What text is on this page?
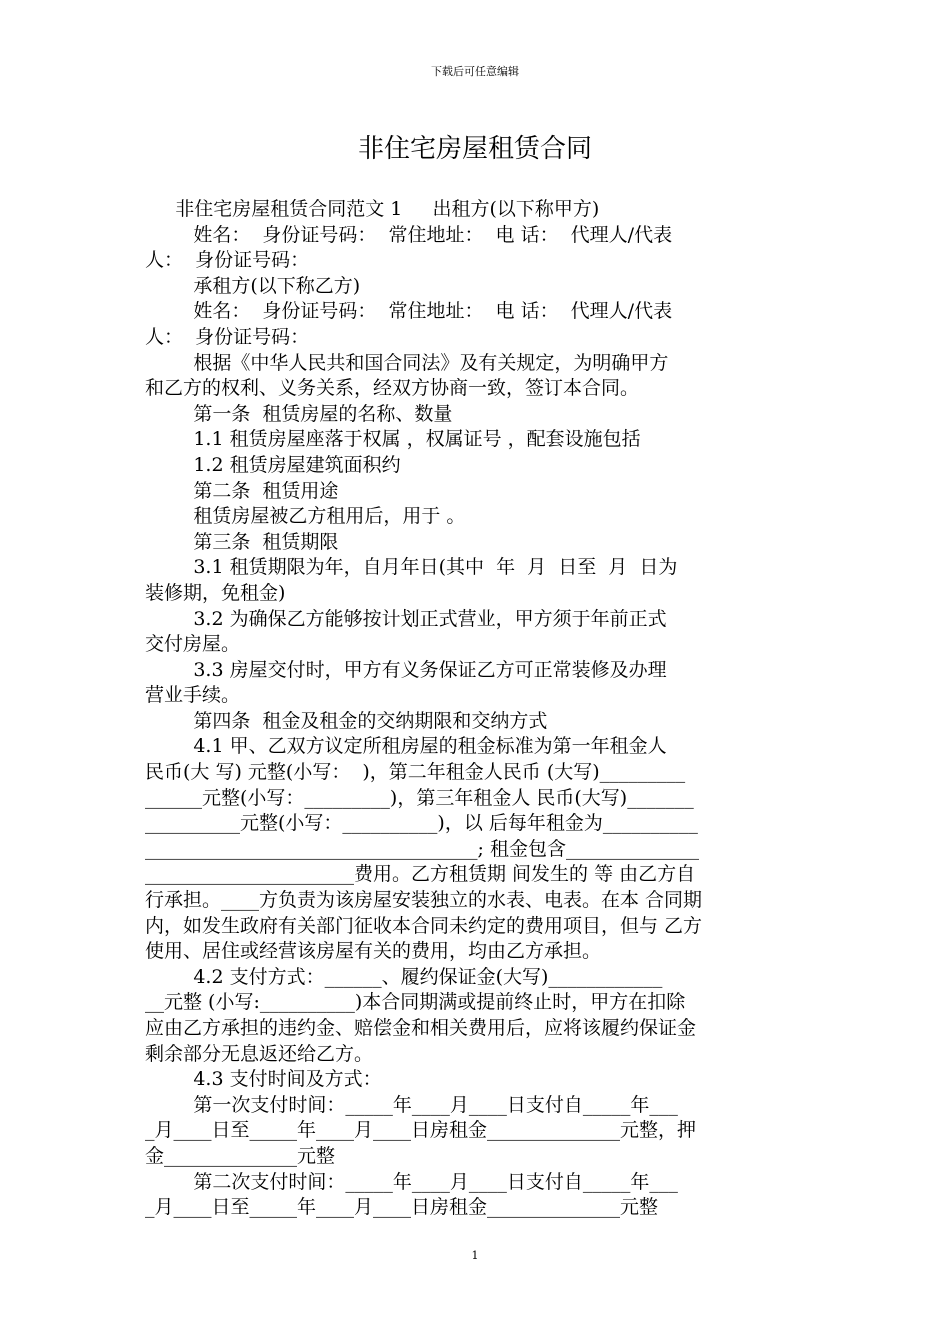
下载后可任意编辑
非住宅房屋租赁合同
非住宅房屋租赁合同范文 1     出租方(以下称甲方)
姓名：  身份证号码：  常住地址：  电 话：  代理人/代表
人：  身份证号码：
承租方(以下称乙方)
姓名：  身份证号码：  常住地址：  电 话：  代理人/代表
人：  身份证号码：
根据《中华人民共和国合同法》及有关规定，为明确甲方
和乙方的权利、义务关系，经双方协商一致，签订本合同。
第一条  租赁房屋的名称、数量
1.1 租赁房屋座落于权属 ，权属证号 ，配套设施包括
1.2 租赁房屋建筑面积约
第二条  租赁用途
租赁房屋被乙方租用后，用于 。
第三条  租赁期限
3.1 租赁期限为年，自月年日(其中  年  月  日至  月  日为
装修期，免租金)
3.2 为确保乙方能够按计划正式营业，甲方须于年前正式
交付房屋。
3.3 房屋交付时，甲方有义务保证乙方可正常装修及办理
营业手续。
第四条  租金及租金的交纳期限和交纳方式
4.1 甲、乙双方议定所租房屋的租金标准为第一年租金人
民币(大 写) 元整(小写：  )，第二年租金人民币 (大写)_________
______元整(小写：_________)，第三年租金人 民币(大写)_______
__________元整(小写：__________)，以 后每年租金为__________
___________________________________; 租金包含______________
______________________费用。乙方租赁期 间发生的 等 由乙方自
行承担。____方负责为该房屋安装独立的水表、电表。在本 合同期
内，如发生政府有关部门征收本合同未约定的费用项目，但与 乙方
使用、居住或经营该房屋有关的费用，均由乙方承担。
4.2 支付方式：______、履约保证金(大写)____________
__元整 (小写:__________)本合同期满或提前终止时，甲方在扣除
应由乙方承担的违约金、赔偿金和相关费用后，应将该履约保证金
剩余部分无息返还给乙方。
4.3 支付时间及方式：
第一次支付时间：_____年____月____日支付自_____年___
_月____日至_____年____月____日房租金______________元整，押
金______________元整
第二次支付时间：_____年____月____日支付自_____年___
_月____日至_____年____月____日房租金______________元整
1
